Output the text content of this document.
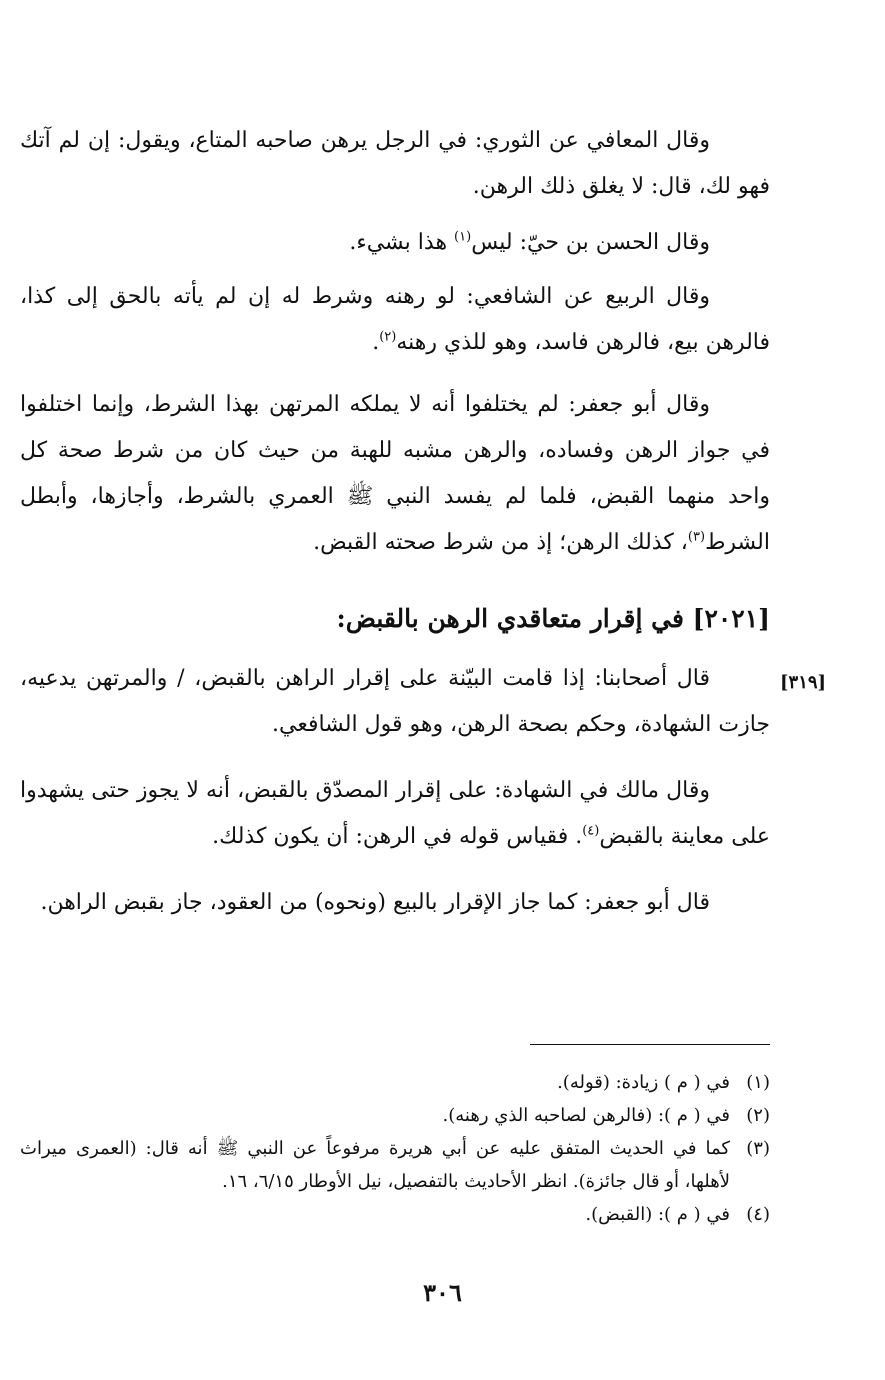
وقال المعافي عن الثوري: في الرجل يرهن صاحبه المتاع، ويقول: إن لم آتك فهو لك، قال: لا يغلق ذلك الرهن.

وقال الحسن بن حيّ: ليس$^{(١)}$ هذا بشيء.

وقال الربيع عن الشافعي: لو رهنه وشرط له إن لم يأته بالحق إلى كذا، فالرهن بيع، فالرهن فاسد، وهو للذي رهنه$^{(٢)}$.

وقال أبو جعفر: لم يختلفوا أنه لا يملكه المرتهن بهذا الشرط، وإنما اختلفوا في جواز الرهن وفساده، والرهن مشبه للهبة من حيث كان من شرط صحة كل واحد منهما القبض، فلما لم يفسد النبي ﷺ العمري بالشرط، وأجازها، وأبطل الشرط$^{(٣)}$، كذلك الرهن؛ إذ من شرط صحته القبض.

[٢٠٢١] في إقرار متعاقدي الرهن بالقبض:
[٣١٩]

قال أصحابنا: إذا قامت البيّنة على إقرار الراهن بالقبض، / والمرتهن يدعيه، جازت الشهادة، وحكم بصحة الرهن، وهو قول الشافعي.

وقال مالك في الشهادة: على إقرار المصدّق بالقبض، أنه لا يجوز حتى يشهدوا على معاينة بالقبض$^{(٤)}$. فقياس قوله في الرهن: أن يكون كذلك.

قال أبو جعفر: كما جاز الإقرار بالبيع (ونحوه) من العقود، جاز بقبض الراهن.

(١)
في ( م ) زيادة: (قوله).
(٢)
في ( م ): (فالرهن لصاحبه الذي رهنه).
(٣)
كما في الحديث المتفق عليه عن أبي هريرة مرفوعاً عن النبي ﷺ أنه قال: (العمرى ميراث لأهلها، أو قال جائزة). انظر الأحاديث بالتفصيل، نيل الأوطار ٦/١٥، ١٦.
(٤)
في ( م ): (القبض).
٣٠٦
